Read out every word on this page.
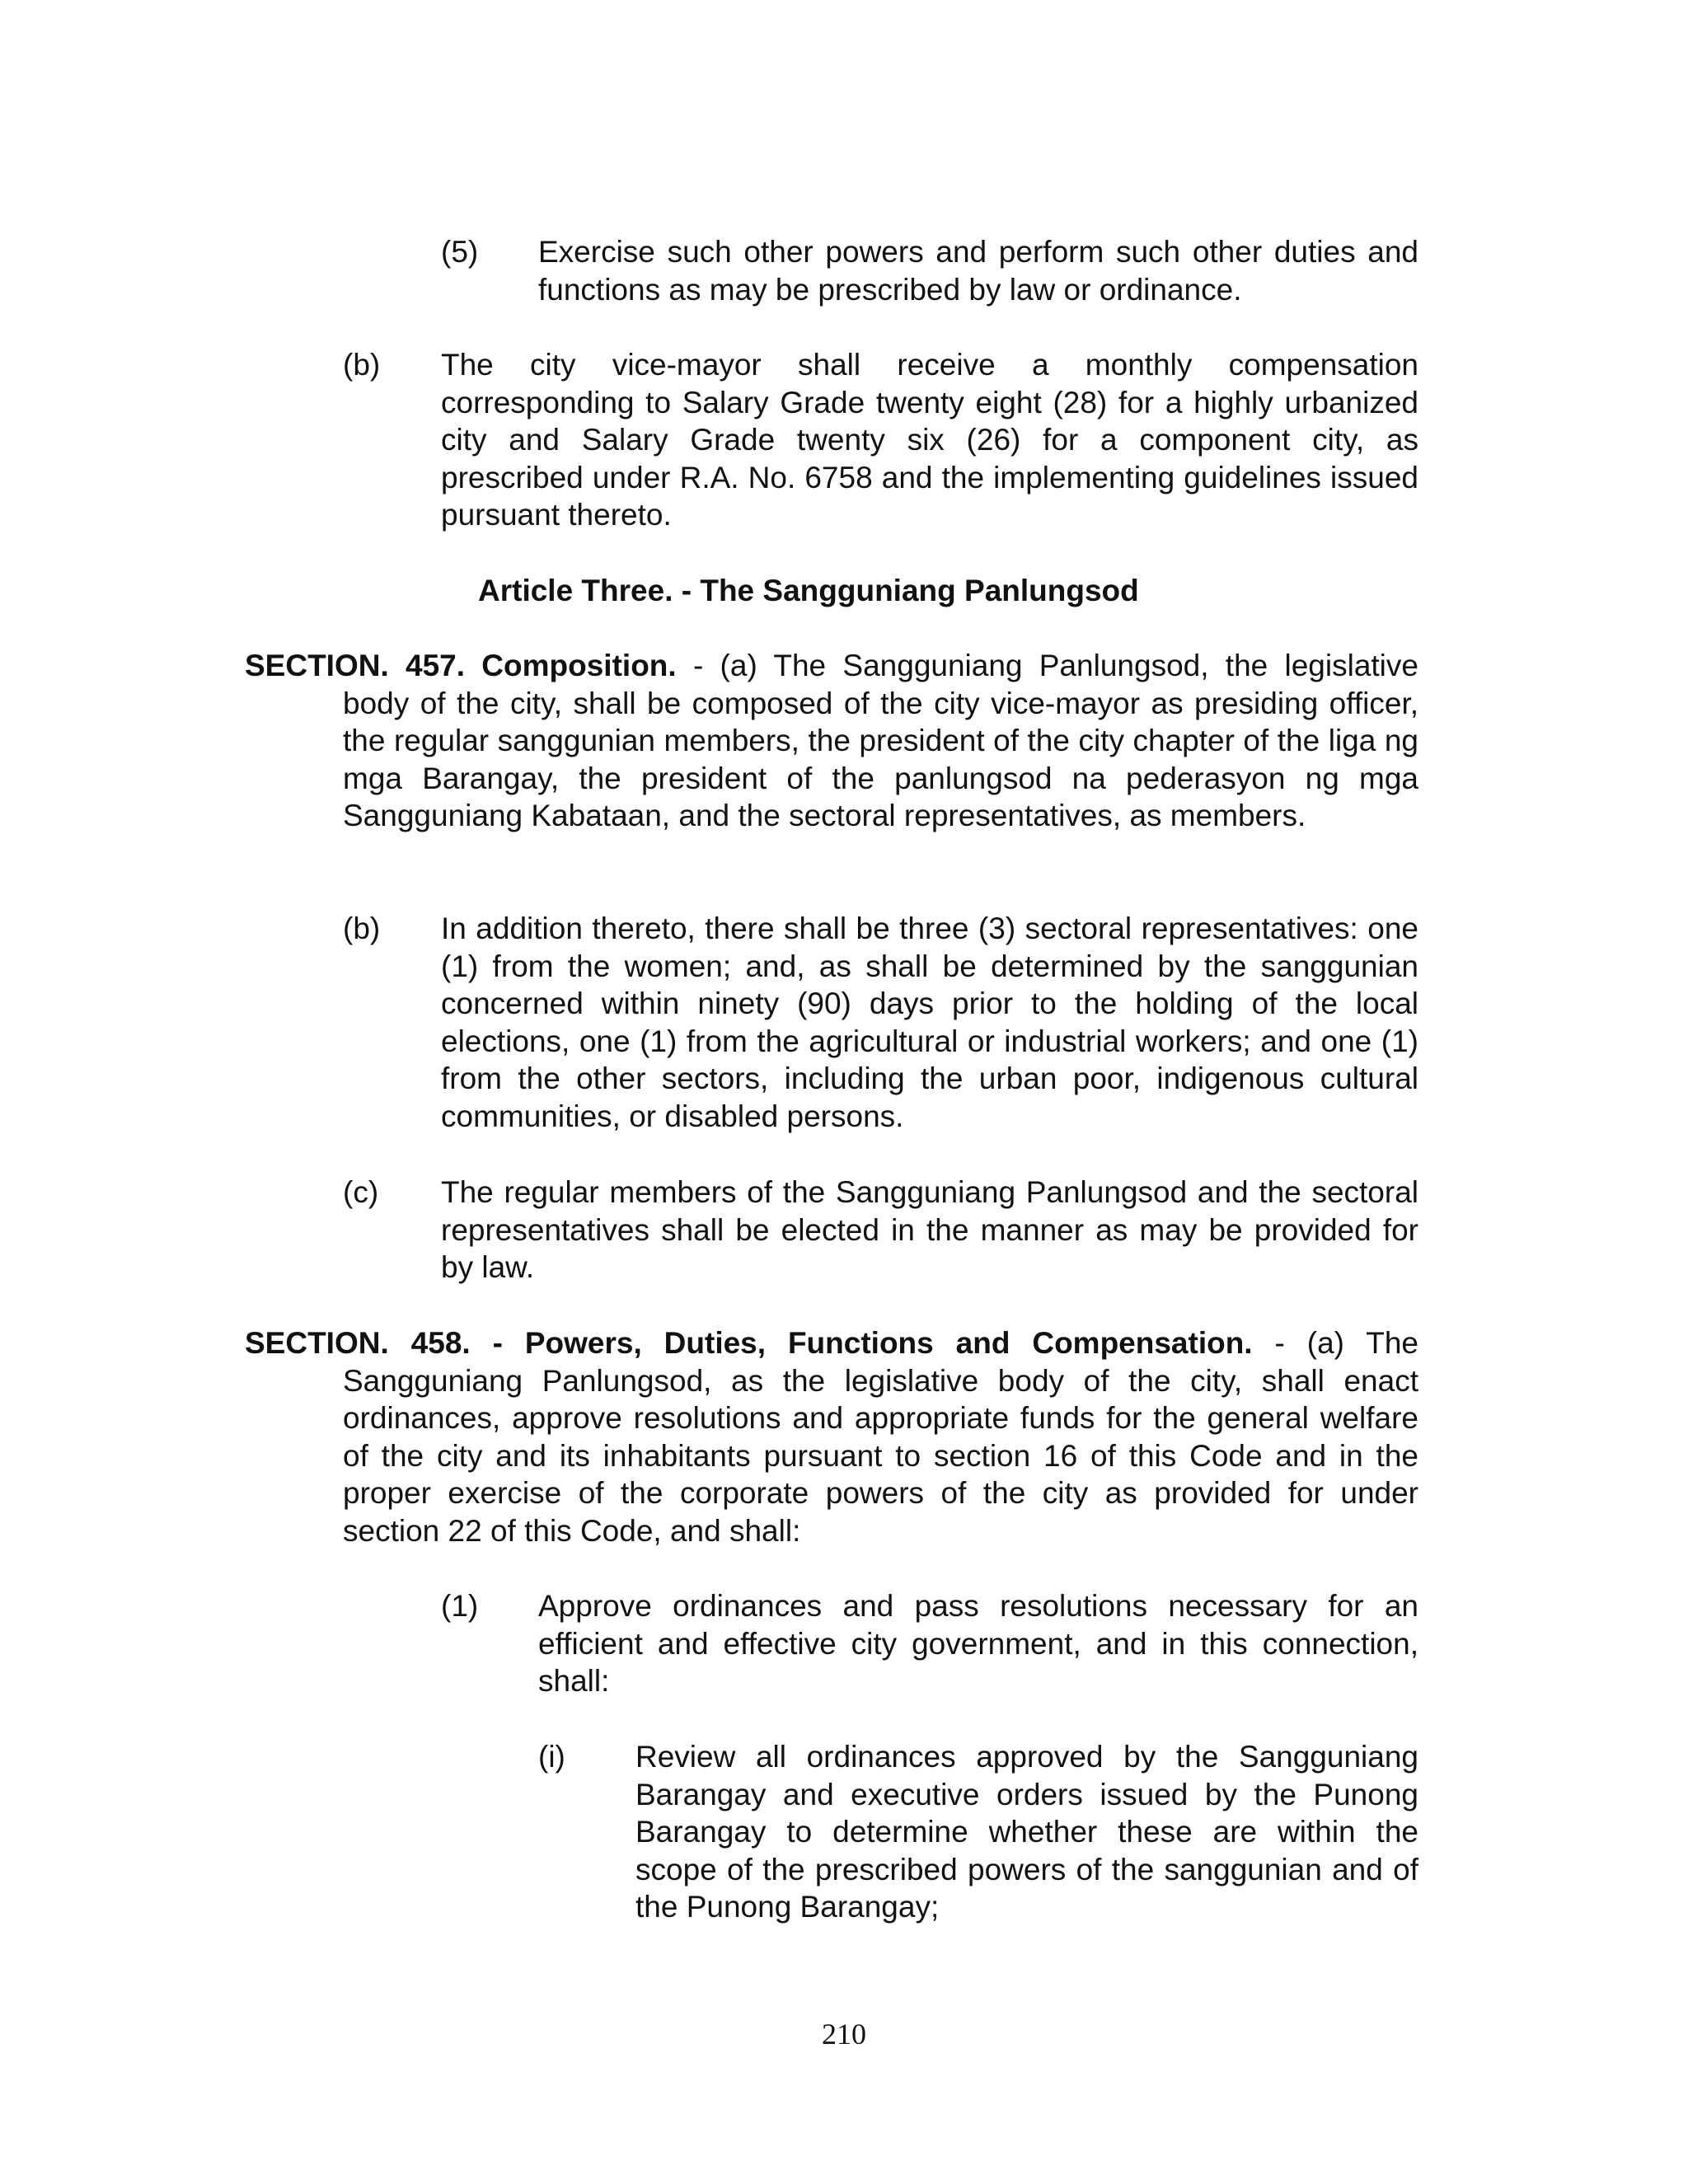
(5)	Exercise such other powers and perform such other duties and functions as may be prescribed by law or ordinance.
(b)	The city vice-mayor shall receive a monthly compensation corresponding to Salary Grade twenty eight (28) for a highly urbanized city and Salary Grade twenty six (26) for a component city, as prescribed under R.A. No. 6758 and the implementing guidelines issued pursuant thereto.
Article Three. - The Sangguniang Panlungsod
SECTION. 457. Composition. - (a) The Sangguniang Panlungsod, the legislative body of the city, shall be composed of the city vice-mayor as presiding officer, the regular sanggunian members, the president of the city chapter of the liga ng mga Barangay, the president of the panlungsod na pederasyon ng mga Sangguniang Kabataan, and the sectoral representatives, as members.
(b)	In addition thereto, there shall be three (3) sectoral representatives: one (1) from the women; and, as shall be determined by the sanggunian concerned within ninety (90) days prior to the holding of the local elections, one (1) from the agricultural or industrial workers; and one (1) from the other sectors, including the urban poor, indigenous cultural communities, or disabled persons.
(c)	The regular members of the Sangguniang Panlungsod and the sectoral representatives shall be elected in the manner as may be provided for by law.
SECTION. 458. - Powers, Duties, Functions and Compensation. - (a) The Sangguniang Panlungsod, as the legislative body of the city, shall enact ordinances, approve resolutions and appropriate funds for the general welfare of the city and its inhabitants pursuant to section 16 of this Code and in the proper exercise of the corporate powers of the city as provided for under section 22 of this Code, and shall:
(1)	Approve ordinances and pass resolutions necessary for an efficient and effective city government, and in this connection, shall:
(i)	Review all ordinances approved by the Sangguniang Barangay and executive orders issued by the Punong Barangay to determine whether these are within the scope of the prescribed powers of the sanggunian and of the Punong Barangay;
210
